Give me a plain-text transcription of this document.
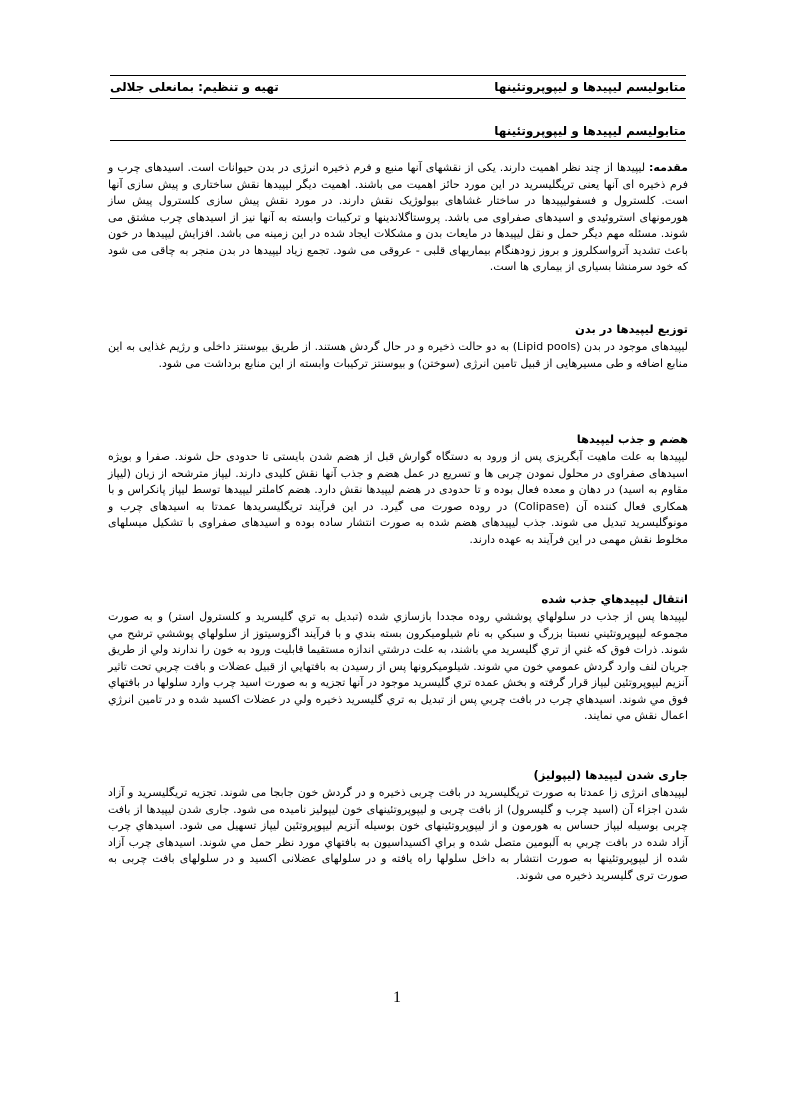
متابولیسم لیپیدها و لیپوپروتئینها
تهیه و تنظیم: بمانعلی جلالی
متابولیسم لیپیدها و لیپوپروتئینها

مقدمه: لیپیدها از چند نظر اهمیت دارند. یکی از نقشهای آنها منبع و فرم ذخیره انرژی در بدن حیوانات است. اسیدهای چرب و فرم ذخیره ای آنها یعنی تریگلیسرید در این مورد حائز اهمیت می باشند. اهمیت دیگر لیپیدها نقش ساختاری و پیش سازی آنها است. کلسترول و فسفولیپیدها در ساختار غشاهای بیولوژیک نقش دارند. در مورد نقش پیش سازی کلسترول پیش ساز هورمونهای استروئیدی و اسیدهای صفراوی می باشد. پروستاگلاندینها و ترکیبات وابسته به آنها نیز از اسیدهای چرب مشتق می شوند. مسئله مهم دیگر حمل و نقل لیپیدها در مایعات بدن و مشکلات ایجاد شده در این زمینه می باشد. افزایش لیپیدها در خون باعث تشدید آترواسکلروز و بروز زودهنگام بیماریهای قلبی - عروقی می شود. تجمع زیاد لیپیدها در بدن منجر به چاقی می شود که خود سرمنشا بسیاری از بیماری ها است.

توزیع لیپیدها در بدن

لیپیدهای موجود در بدن (Lipid pools) به دو حالت ذخیره و در حال گردش هستند. از طریق بیوسنتز داخلی و رژیم غذایی به این منابع اضافه و طی مسیرهایی از قبیل تامین انرژی (سوختن) و بیوسنتز ترکیبات وابسته از این منابع برداشت می شود.

هضم و جذب لیپیدها

لیپیدها به علت ماهیت آبگریزی پس از ورود به دستگاه گوارش قبل از هضم شدن بایستی تا حدودی حل شوند. صفرا و بویژه اسیدهای صفراوی در محلول نمودن چربی ها و تسریع در عمل هضم و جذب آنها نقش کلیدی دارند. لیپاز مترشحه از زبان (لیپاز مقاوم به اسید) در دهان و معده فعال بوده و تا حدودی در هضم لیپیدها نقش دارد. هضم کاملتر لیپیدها توسط لیپاز پانکراس و با همکاری فعال کننده آن (Colipase) در روده صورت می گیرد. در این فرآیند تریگلیسریدها عمدتا به اسیدهای چرب و مونوگلیسرید تبدیل می شوند. جذب لیپیدهای هضم شده به صورت انتشار ساده بوده و اسیدهای صفراوی با تشکیل میسلهای مخلوط نقش مهمی در این فرآیند به عهده دارند.

انتقال لیپیدهاي جذب شده

لیپیدها پس از جذب در سلولهاي پوششي روده مجددا بازسازي شده (تبدیل به تري گليسريد و كلسترول استر) و به صورت مجموعه ليپوپروتئيني نسبتا بزرگ و سبكي به نام شيلوميكرون بسته بندي و با فرآيند اگزوسيتوز از سلولهاي پوششي ترشح مي شوند. ذرات فوق كه غني از تري گليسريد مي باشند، به علت درشتي اندازه مستقيما قابليت ورود به خون را ندارند ولي از طريق جريان لنف وارد گردش عمومي خون مي شوند. شيلوميكرونها پس از رسيدن به بافتهايي از قبيل عضلات و بافت چربي تحت تاثير آنزيم ليپوپروتئين ليپاز قرار گرفته و بخش عمده تري گليسريد موجود در آنها تجزيه و به صورت اسيد چرب وارد سلولها در بافتهاي فوق مي شوند. اسيدهاي چرب در بافت چربي پس از تبديل به تري گليسريد ذخيره ولي در عضلات اكسيد شده و در تامين انرژي اعمال نقش مي نمايند.

جاری شدن لیپیدها (لیپولیز)

لیپیدهای انرژی زا عمدتا به صورت تریگلیسرید در بافت چربی ذخیره و در گردش خون جابجا می شوند. تجزیه تریگلیسرید و آزاد شدن اجزاء آن (اسید چرب و گلیسرول) از بافت چربی و لیپوپروتئینهای خون لیپولیز نامیده می شود. جاری شدن لیپیدها از بافت چربی بوسیله لیپاز حساس به هورمون و از لیپوپروتئینهای خون بوسیله آنزیم لیپوپروتئین لیپاز تسهیل می شود. اسیدهاي چرب آزاد شده در بافت چربي به آلبومين متصل شده و براي اكسيداسيون به بافتهاي مورد نظر حمل مي شوند. اسیدهای چرب آزاد شده از لیپوپروتئینها به صورت انتشار به داخل سلولها راه یافته و در سلولهای عضلانی اکسید و در سلولهای بافت چربی به صورت تری گلیسرید ذخیره می شوند.

1
